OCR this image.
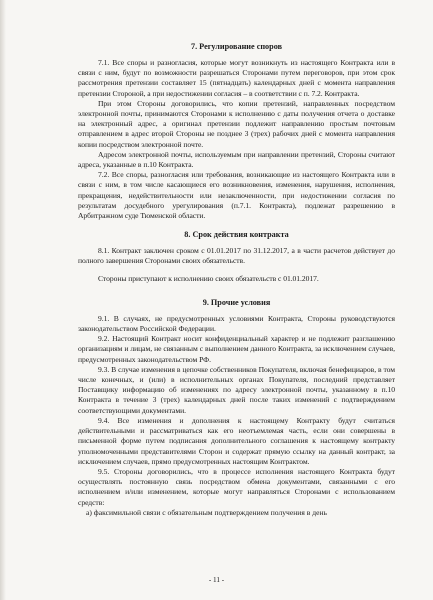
7. Регулирование споров

7.1. Все споры и разногласия, которые могут возникнуть из настоящего Контракта или в связи с ним, будут по возможности разрешаться Сторонами путем переговоров, при этом срок рассмотрения претензии составляет 15 (пятнадцать) календарных дней с момента направления претензии Стороной, а при недостижении согласия – в соответствии с п. 7.2. Контракта.

При этом Стороны договорились, что копии претензий, направленных посредством электронной почты, принимаются Сторонами к исполнению с даты получения отчета о доставке на электронный адрес, а оригинал претензии подлежит направлению простым почтовым отправлением в адрес второй Стороны не позднее 3 (трех) рабочих дней с момента направления копии посредством электронной почте.

Адресом электронной почты, используемым при направлении претензий, Стороны считают адреса, указанные в п.10 Контракта.

7.2. Все споры, разногласия или требования, возникающие из настоящего Контракта или в связи с ним, в том числе касающиеся его возникновения, изменения, нарушения, исполнения, прекращения, недействительности или незаключенности, при недостижении согласия по результатам досудебного урегулирования (п.7.1. Контракта), подлежат разрешению в Арбитражном суде Тюменской области.

8. Срок действия контракта

8.1. Контракт заключен сроком с 01.01.2017 по 31.12.2017, а в части расчетов действует до полного завершения Сторонами своих обязательств.

Стороны приступают к исполнению своих обязательств с 01.01.2017.

9. Прочие условия

9.1. В случаях, не предусмотренных условиями Контракта, Стороны руководствуются законодательством Российской Федерации.

9.2. Настоящий Контракт носит конфиденциальный характер и не подлежит разглашению организациям и лицам, не связанным с выполнением данного Контракта, за исключением случаев, предусмотренных законодательством РФ.

9.3. В случае изменения в цепочке собственников Покупателя, включая бенефициаров, в том числе конечных, и (или) в исполнительных органах Покупателя, последний представляет Поставщику информацию об изменениях по адресу электронной почты, указанному в п.10 Контракта в течение 3 (трех) календарных дней после таких изменений с подтверждением соответствующими документами.

9.4. Все изменения и дополнения к настоящему Контракту будут считаться действительными и рассматриваться как его неотъемлемая часть, если они совершены в письменной форме путем подписания дополнительного соглашения к настоящему контракту уполномоченными представителями Сторон и содержат прямую ссылку на данный контракт, за исключением случаев, прямо предусмотренных настоящим Контрактом.

9.5. Стороны договорились, что в процессе исполнения настоящего Контракта будут осуществлять постоянную связь посредством обмена документами, связанными с его исполнением и/или изменением, которые могут направляться Сторонами с использованием средств:

а) факсимильной связи с обязательным подтверждением получения в день

- 11 -
